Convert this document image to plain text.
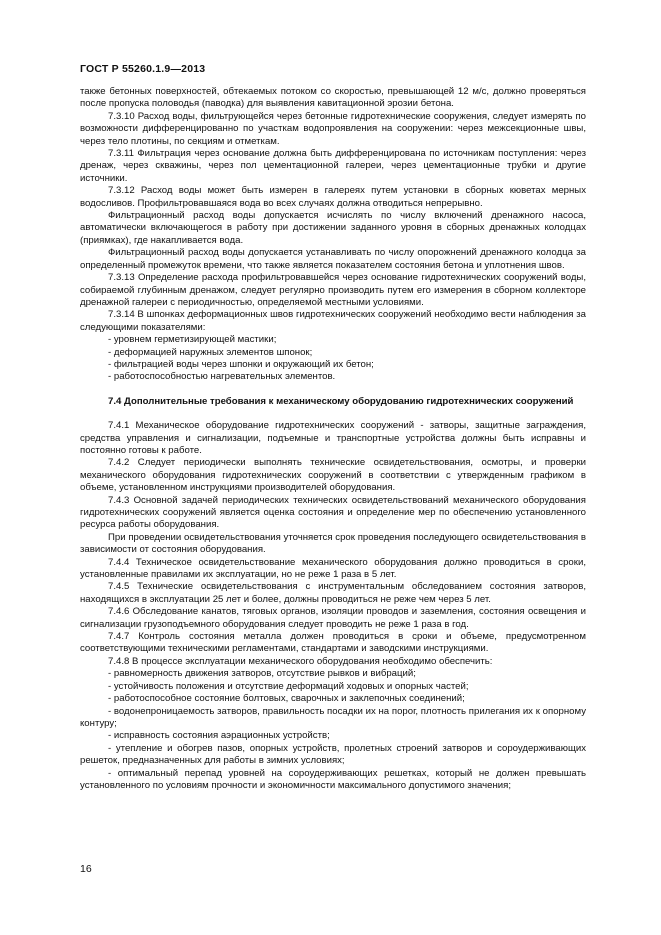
ГОСТ Р 55260.1.9—2013

также бетонных поверхностей, обтекаемых потоком со скоростью, превышающей 12 м/с, должно проверяться после пропуска половодья (паводка) для выявления кавитационной эрозии бетона.

7.3.10 Расход воды, фильтрующейся через бетонные гидротехнические сооружения, следует измерять по возможности дифференцированно по участкам водопроявления на сооружении: через межсекционные швы, через тело плотины, по секциям и отметкам.

7.3.11 Фильтрация через основание должна быть дифференцирована по источникам поступления: через дренаж, через скважины, через пол цементационной галереи, через цементационные трубки и другие источники.

7.3.12 Расход воды может быть измерен в галереях путем установки в сборных кюветах мерных водосливов. Профильтровавшаяся вода во всех случаях должна отводиться непрерывно.

Фильтрационный расход воды допускается исчислять по числу включений дренажного насоса, автоматически включающегося в работу при достижении заданного уровня в сборных дренажных колодцах (приямках), где накапливается вода.

Фильтрационный расход воды допускается устанавливать по числу опорожнений дренажного колодца за определенный промежуток времени, что также является показателем состояния бетона и уплотнения швов.

7.3.13 Определение расхода профильтровавшейся через основание гидротехнических сооружений воды, собираемой глубинным дренажом, следует регулярно производить путем его измерения в сборном коллекторе дренажной галереи с периодичностью, определяемой местными условиями.

7.3.14 В шпонках деформационных швов гидротехнических сооружений необходимо вести наблюдения за следующими показателями:

- уровнем герметизирующей мастики;

- деформацией наружных элементов шпонок;

- фильтрацией воды через шпонки и окружающий их бетон;

- работоспособностью нагревательных элементов.

7.4 Дополнительные требования к механическому оборудованию гидротехнических сооружений

7.4.1 Механическое оборудование гидротехнических сооружений - затворы, защитные заграждения, средства управления и сигнализации, подъемные и транспортные устройства должны быть исправны и постоянно готовы к работе.

7.4.2 Следует периодически выполнять технические освидетельствования, осмотры, и проверки механического оборудования гидротехнических сооружений в соответствии с утвержденным графиком в объеме, установленном инструкциями производителей оборудования.

7.4.3 Основной задачей периодических технических освидетельствований механического оборудования гидротехнических сооружений является оценка состояния и определение мер по обеспечению установленного ресурса работы оборудования.

При проведении освидетельствования уточняется срок проведения последующего освидетельствования в зависимости от состояния оборудования.

7.4.4 Техническое освидетельствование механического оборудования должно проводиться в сроки, установленные правилами их эксплуатации, но не реже 1 раза в 5 лет.

7.4.5 Технические освидетельствования с инструментальным обследованием состояния затворов, находящихся в эксплуатации 25 лет и более, должны проводиться не реже чем через 5 лет.

7.4.6 Обследование канатов, тяговых органов, изоляции проводов и заземления, состояния освещения и сигнализации грузоподъемного оборудования следует проводить не реже 1 раза в год.

7.4.7 Контроль состояния металла должен проводиться в сроки и объеме, предусмотренном соответствующими техническими регламентами, стандартами и заводскими инструкциями.

7.4.8 В процессе эксплуатации механического оборудования необходимо обеспечить:

- равномерность движения затворов, отсутствие рывков и вибраций;

- устойчивость положения и отсутствие деформаций ходовых и опорных частей;

- работоспособное состояние болтовых, сварочных и заклепочных соединений;

- водонепроницаемость затворов, правильность посадки их на порог, плотность прилегания их к опорному контуру;

- исправность состояния аэрационных устройств;

- утепление и обогрев пазов, опорных устройств, пролетных строений затворов и сороудерживающих решеток, предназначенных для работы в зимних условиях;

- оптимальный перепад уровней на сороудерживающих решетках, который не должен превышать установленного по условиям прочности и экономичности максимального допустимого значения;

16
